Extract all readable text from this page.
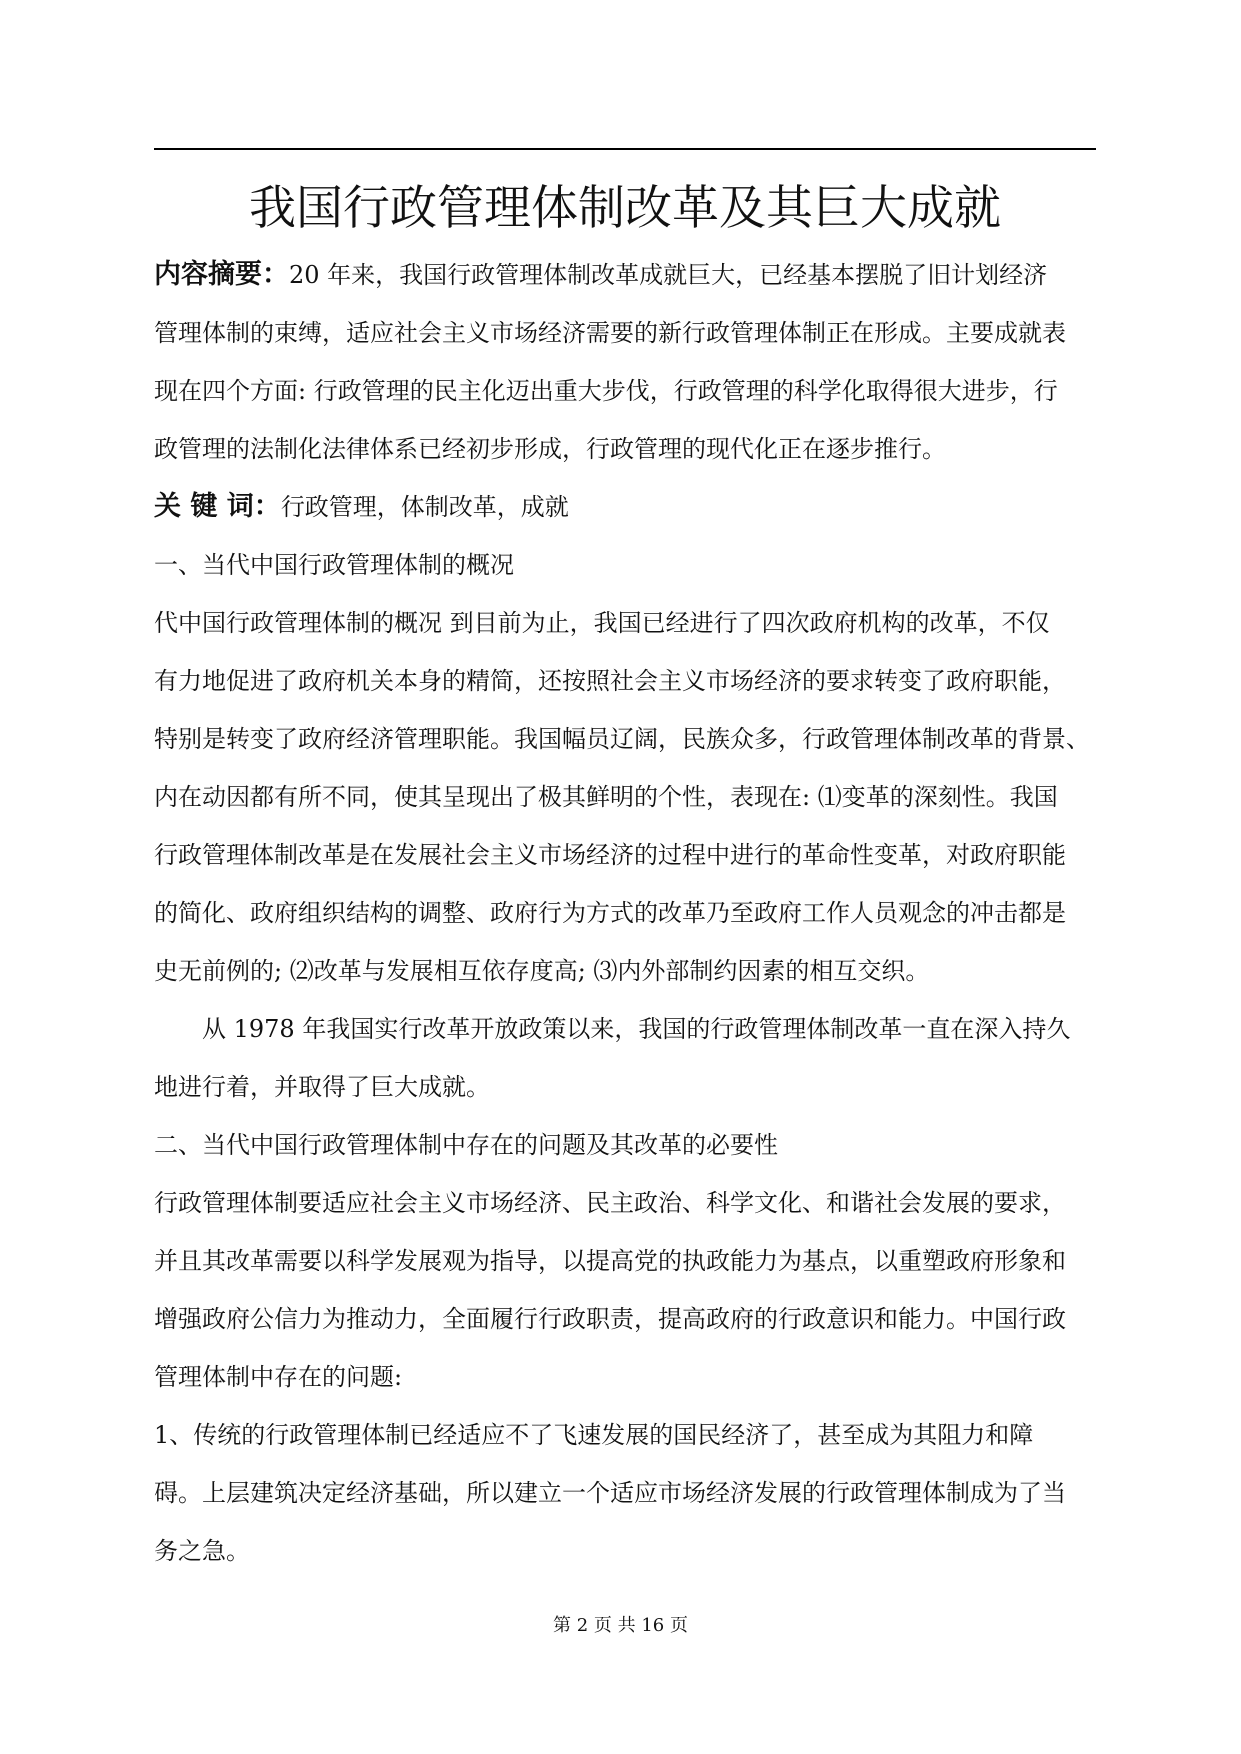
我国行政管理体制改革及其巨大成就
内容摘要：20 年来，我国行政管理体制改革成就巨大，已经基本摆脱了旧计划经济
管理体制的束缚，适应社会主义市场经济需要的新行政管理体制正在形成。主要成就表
现在四个方面: 行政管理的民主化迈出重大步伐，行政管理的科学化取得很大进步，行
政管理的法制化法律体系已经初步形成，行政管理的现代化正在逐步推行。
关 键 词：行政管理，体制改革，成就
一、当代中国行政管理体制的概况
代中国行政管理体制的概况 到目前为止，我国已经进行了四次政府机构的改革，不仅
有力地促进了政府机关本身的精简，还按照社会主义市场经济的要求转变了政府职能，
特别是转变了政府经济管理职能。我国幅员辽阔，民族众多，行政管理体制改革的背景、
内在动因都有所不同，使其呈现出了极其鲜明的个性，表现在: ⑴变革的深刻性。我国
行政管理体制改革是在发展社会主义市场经济的过程中进行的革命性变革，对政府职能
的简化、政府组织结构的调整、政府行为方式的改革乃至政府工作人员观念的冲击都是
史无前例的; ⑵改革与发展相互依存度高; ⑶内外部制约因素的相互交织。
从 1978 年我国实行改革开放政策以来，我国的行政管理体制改革一直在深入持久
地进行着，并取得了巨大成就。
二、当代中国行政管理体制中存在的问题及其改革的必要性
行政管理体制要适应社会主义市场经济、民主政治、科学文化、和谐社会发展的要求，
并且其改革需要以科学发展观为指导，以提高党的执政能力为基点，以重塑政府形象和
增强政府公信力为推动力，全面履行行政职责，提高政府的行政意识和能力。中国行政
管理体制中存在的问题:
1、传统的行政管理体制已经适应不了飞速发展的国民经济了，甚至成为其阻力和障
碍。上层建筑决定经济基础，所以建立一个适应市场经济发展的行政管理体制成为了当
务之急。
第 2 页 共 16 页
